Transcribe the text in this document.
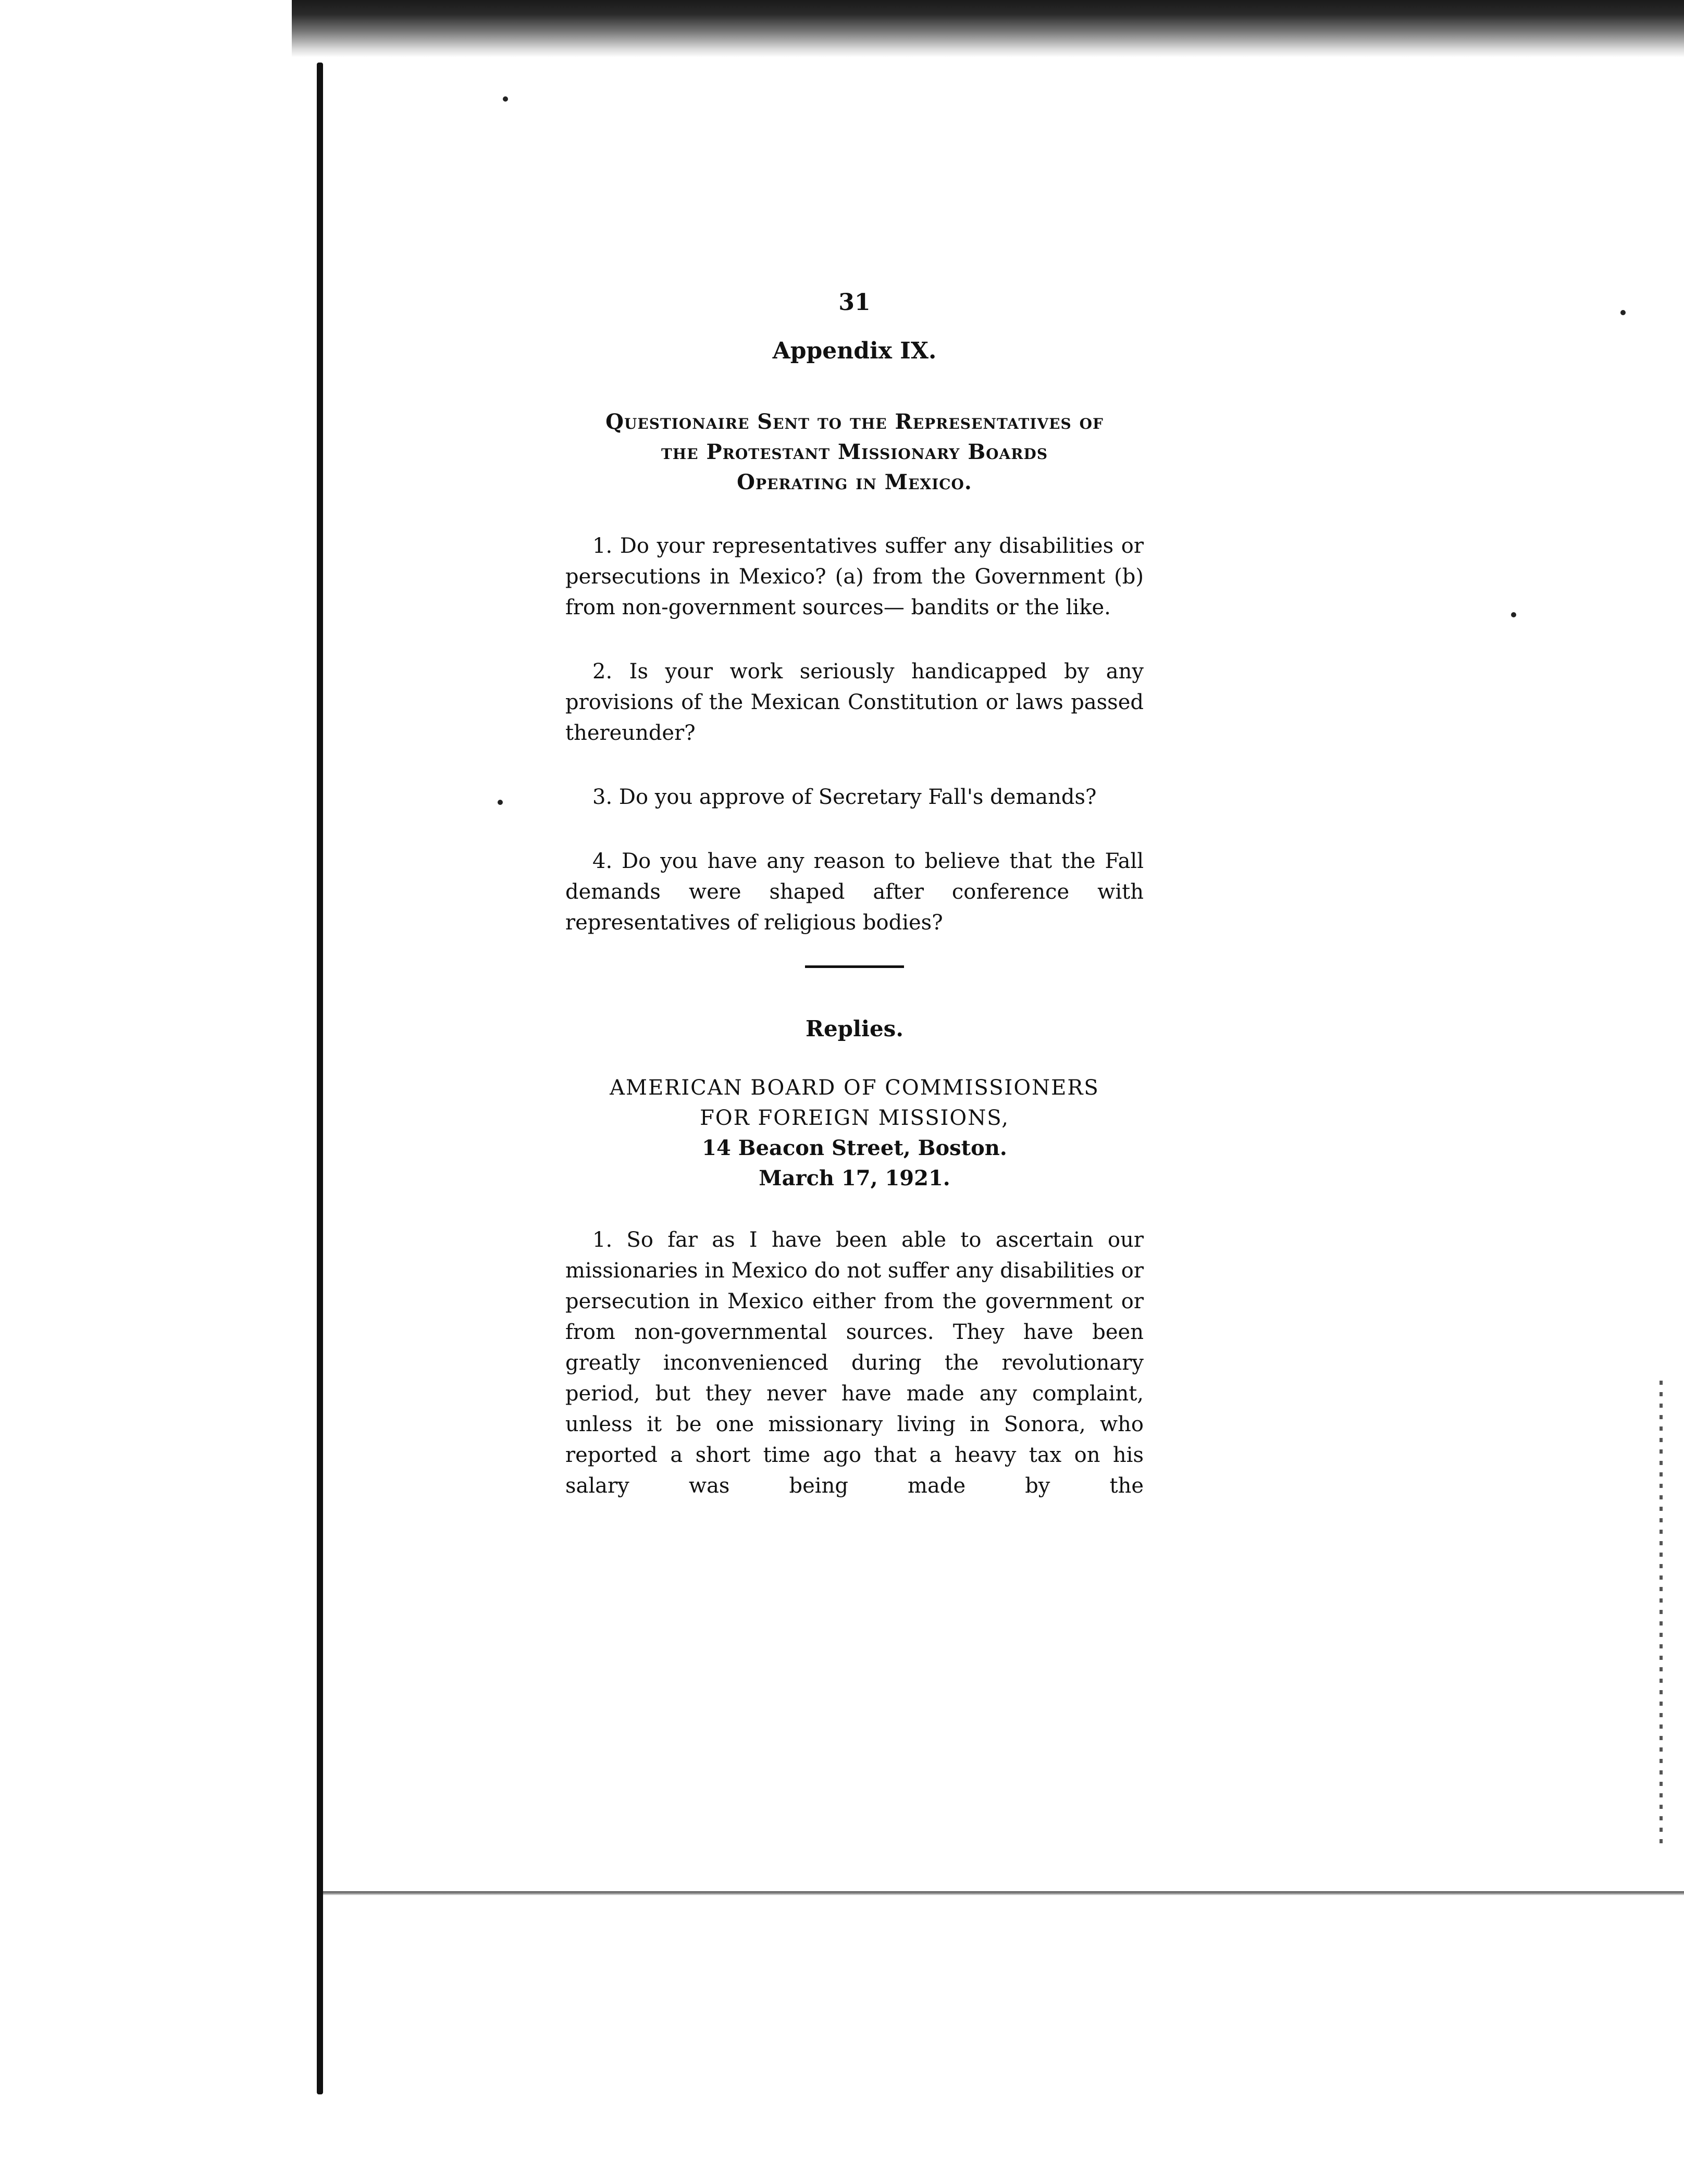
31
Appendix IX.
Questionaire Sent to the Representatives of
the Protestant Missionary Boards
Operating in Mexico.

1. Do your representatives suffer any disabilities or persecutions in Mexico? (a) from the Government (b) from non-government sources— bandits or the like.

2. Is your work seriously handicapped by any provisions of the Mexican Constitution or laws passed thereunder?

3. Do you approve of Secretary Fall's demands?

4. Do you have any reason to believe that the Fall demands were shaped after conference with representatives of religious bodies?

Replies.
AMERICAN BOARD OF COMMISSIONERS
FOR FOREIGN MISSIONS,
14 Beacon Street, Boston.
March 17, 1921.

1. So far as I have been able to ascertain our missionaries in Mexico do not suffer any disabilities or persecution in Mexico either from the government or from non-governmental sources. They have been greatly inconvenienced during the revolutionary period, but they never have made any complaint, unless it be one missionary living in Sonora, who reported a short time ago that a heavy tax on his salary was being made by the
